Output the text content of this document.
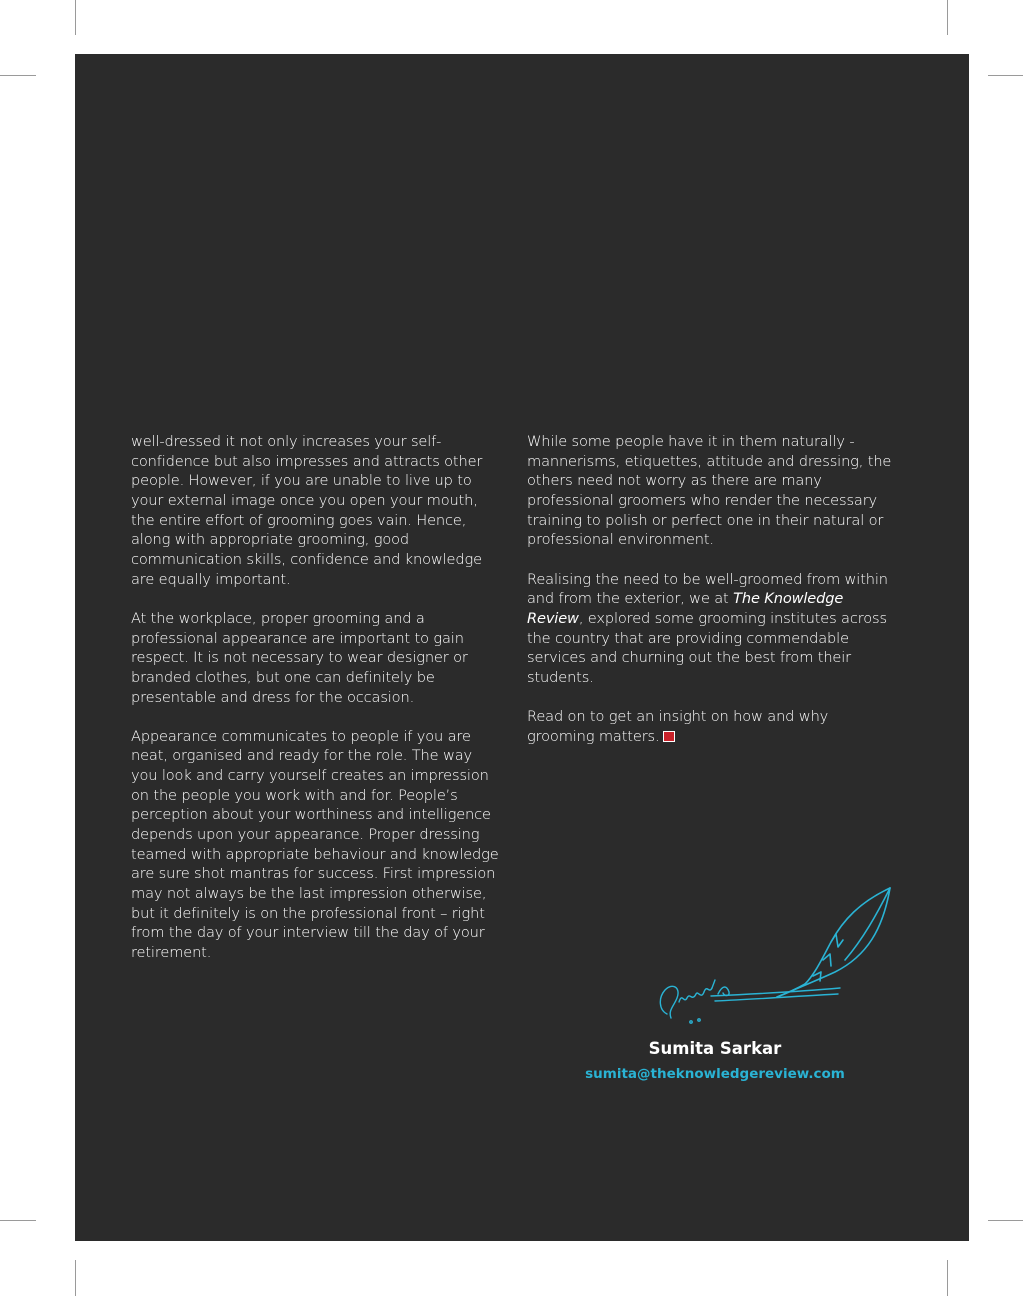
well-dressed it not only increases your self-confidence but also impresses and attracts other people. However, if you are unable to live up to your external image once you open your mouth, the entire effort of grooming goes vain. Hence, along with appropriate grooming, good communication skills, confidence and knowledge are equally important.

At the workplace, proper grooming and a professional appearance are important to gain respect. It is not necessary to wear designer or branded clothes, but one can definitely be presentable and dress for the occasion.

Appearance communicates to people if you are neat, organised and ready for the role. The way you look and carry yourself creates an impression on the people you work with and for. People’s perception about your worthiness and intelligence depends upon your appearance. Proper dressing teamed with appropriate behaviour and knowledge are sure shot mantras for success. First impression may not always be the last impression otherwise, but it definitely is on the professional front – right from the day of your interview till the day of your retirement.

While some people have it in them naturally - mannerisms, etiquettes, attitude and dressing, the others need not worry as there are many professional groomers who render the necessary training to polish or perfect one in their natural or professional environment.

Realising the need to be well-groomed from within and from the exterior, we at The Knowledge Review, explored some grooming institutes across the country that are providing commendable services and churning out the best from their students.

Read on to get an insight on how and why grooming matters.

Sumita Sarkar
sumita@theknowledgereview.com
